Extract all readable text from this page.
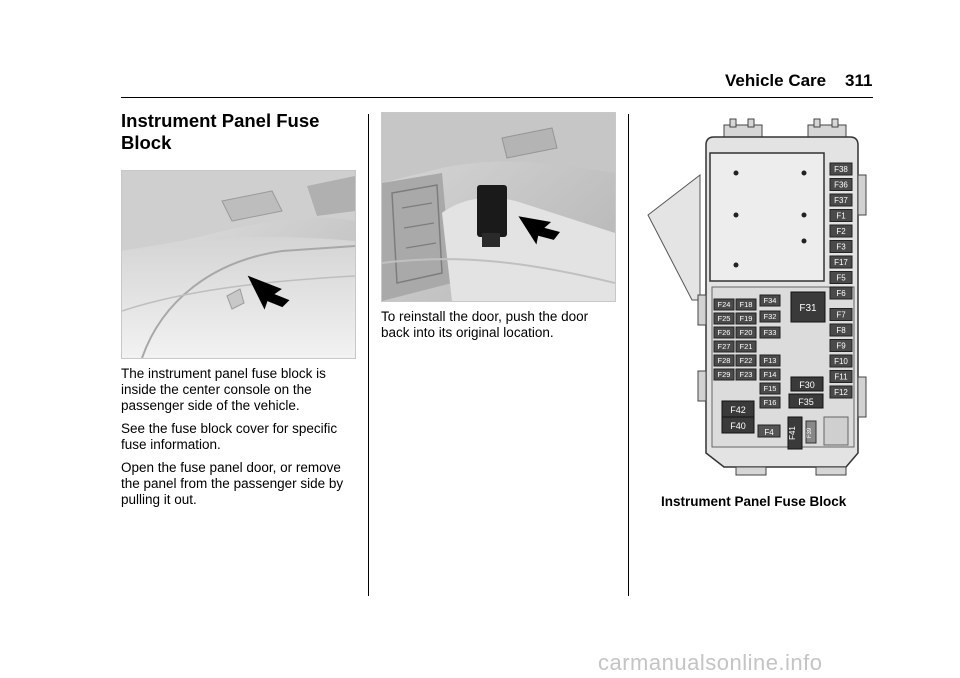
Vehicle Care 311
Instrument Panel Fuse Block

The instrument panel fuse block is inside the center console on the passenger side of the vehicle.

See the fuse block cover for specific fuse information.

Open the fuse panel door, or remove the panel from the passenger side by pulling it out.

To reinstall the door, push the door back into its original location.

F38
F36
F37
F1
F2
F3
F17
F5
F6
F7
F8
F9
F10
F11
F12
F24
F25
F26
F27
F28
F29
F18
F19
F20
F21
F22
F23
F34
F32
F33
F13
F14
F15
F16
F31
F30
F35
F42
F40
F4 F41 F39
Instrument Panel Fuse Block
carmanualsonline.info
